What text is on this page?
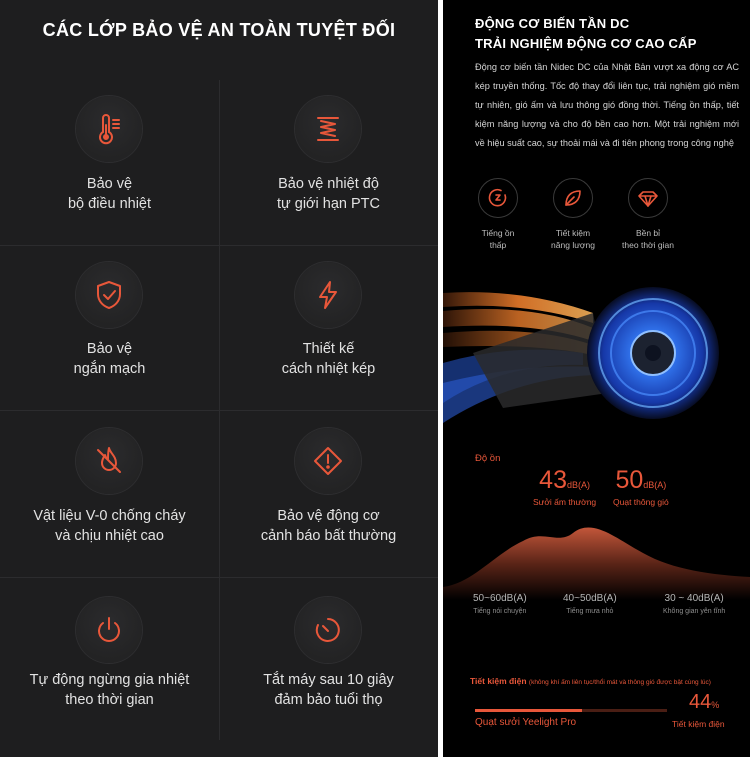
CÁC LỚP BẢO VỆ AN TOÀN TUYỆT ĐỐI
Bảo vệ
bộ điều nhiệt
Bảo vệ nhiệt độ
tự giới hạn PTC
Bảo vệ
ngắn mạch
Thiết kế
cách nhiệt kép
Vật liệu V-0 chống cháy
và chịu nhiệt cao
Bảo vệ động cơ
cảnh báo bất thường
Tự động ngừng gia nhiệt
theo thời gian
Tắt máy sau 10 giây
đảm bảo tuổi thọ
ĐỘNG CƠ BIẾN TẦN DC
TRẢI NGHIỆM ĐỘNG CƠ CAO CẤP
Động cơ biến tần Nidec DC của Nhật Bản vượt xa động cơ AC kép truyền thống. Tốc độ thay đổi liên tục, trải nghiệm gió mềm tự nhiên, gió ấm và lưu thông gió đồng thời. Tiếng ồn thấp, tiết kiệm năng lượng và cho độ bền cao hơn. Một trải nghiệm mới về hiệu suất cao, sự thoải mái và đi tiên phong trong công nghệ
Tiếng ồn
thấp
Tiết kiệm
năng lượng
Bền bỉ
theo thời gian
Độ ồn
43dB(A)
Sưởi ấm thường
50dB(A)
Quạt thông gió
50~60dB(A)
Tiếng nói chuyện
40~50dB(A)
Tiếng mưa nhỏ
30 ~ 40dB(A)
Không gian yên tĩnh
Tiết kiệm điện (không khí ấm liên tục/thổi mát và thông gió được bật cùng lúc)
44%
Quạt sưởi Yeelight Pro	Tiết kiệm điện
